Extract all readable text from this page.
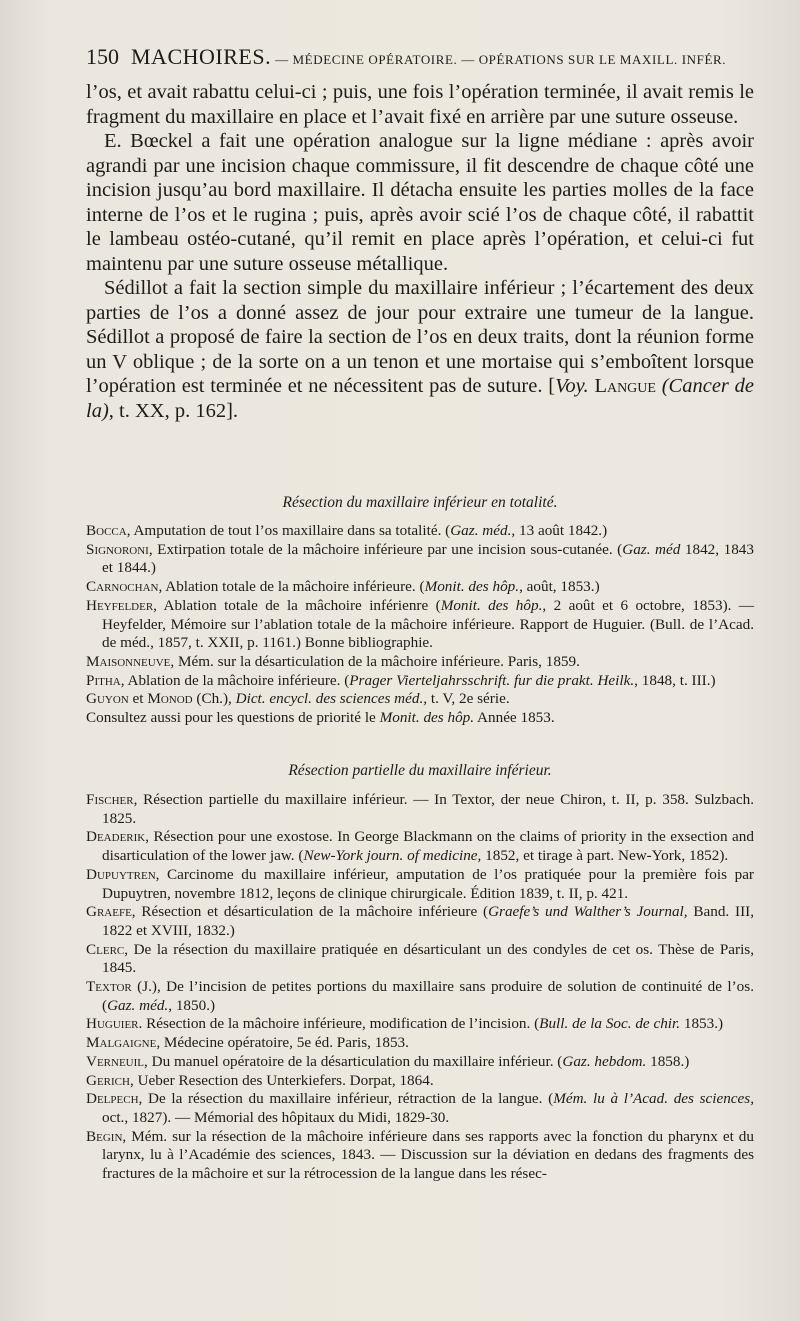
150 MACHOIRES. — MÉDECINE OPÉRATOIRE. — OPÉRATIONS SUR LE MAXILL. INFÉR.

l’os, et avait rabattu celui-ci ; puis, une fois l’opération terminée, il avait remis le fragment du maxillaire en place et l’avait fixé en arrière par une suture osseuse.

E. Bœckel a fait une opération analogue sur la ligne médiane : après avoir agrandi par une incision chaque commissure, il fit descendre de chaque côté une incision jusqu’au bord maxillaire. Il détacha ensuite les parties molles de la face interne de l’os et le rugina ; puis, après avoir scié l’os de chaque côté, il rabattit le lambeau ostéo-cutané, qu’il remit en place après l’opération, et celui-ci fut maintenu par une suture osseuse métallique.

Sédillot a fait la section simple du maxillaire inférieur ; l’écartement des deux parties de l’os a donné assez de jour pour extraire une tumeur de la langue. Sédillot a proposé de faire la section de l’os en deux traits, dont la réunion forme un V oblique ; de la sorte on a un tenon et une mortaise qui s’emboîtent lorsque l’opération est terminée et ne nécessitent pas de suture. [Voy. Langue (Cancer de la), t. XX, p. 162].

Résection du maxillaire inférieur en totalité.
Bocca, Amputation de tout l’os maxillaire dans sa totalité. (Gaz. méd., 13 août 1842.)
Signoroni, Extirpation totale de la mâchoire inférieure par une incision sous-cutanée. (Gaz. méd 1842, 1843 et 1844.)
Carnochan, Ablation totale de la mâchoire inférieure. (Monit. des hôp., août, 1853.)
Heyfelder, Ablation totale de la mâchoire inférienre (Monit. des hôp., 2 août et 6 octobre, 1853). — Heyfelder, Mémoire sur l’ablation totale de la mâchoire inférieure. Rapport de Huguier. (Bull. de l’Acad. de méd., 1857, t. XXII, p. 1161.) Bonne bibliographie.
Maisonneuve, Mém. sur la désarticulation de la mâchoire inférieure. Paris, 1859.
Pitha, Ablation de la mâchoire inférieure. (Prager Vierteljahrsschrift. fur die prakt. Heilk., 1848, t. III.)
Guyon et Monod (Ch.), Dict. encycl. des sciences méd., t. V, 2e série.
Consultez aussi pour les questions de priorité le Monit. des hôp. Année 1853.
Résection partielle du maxillaire inférieur.
Fischer, Résection partielle du maxillaire inférieur. — In Textor, der neue Chiron, t. II, p. 358. Sulzbach. 1825.
Deaderik, Résection pour une exostose. In George Blackmann on the claims of priority in the exsection and disarticulation of the lower jaw. (New-York journ. of medicine, 1852, et tirage à part. New-York, 1852).
Dupuytren, Carcinome du maxillaire inférieur, amputation de l’os pratiquée pour la première fois par Dupuytren, novembre 1812, leçons de clinique chirurgicale. Édition 1839, t. II, p. 421.
Graefe, Résection et désarticulation de la mâchoire inférieure (Graefe’s und Walther’s Journal, Band. III, 1822 et XVIII, 1832.)
Clerc, De la résection du maxillaire pratiquée en désarticulant un des condyles de cet os. Thèse de Paris, 1845.
Textor (J.), De l’incision de petites portions du maxillaire sans produire de solution de continuité de l’os. (Gaz. méd., 1850.)
Huguier. Résection de la mâchoire inférieure, modification de l’incision. (Bull. de la Soc. de chir. 1853.)
Malgaigne, Médecine opératoire, 5e éd. Paris, 1853.
Verneuil, Du manuel opératoire de la désarticulation du maxillaire inférieur. (Gaz. hebdom. 1858.)
Gerich, Ueber Resection des Unterkiefers. Dorpat, 1864.
Delpech, De la résection du maxillaire inférieur, rétraction de la langue. (Mém. lu à l’Acad. des sciences, oct., 1827). — Mémorial des hôpitaux du Midi, 1829-30.
Begin, Mém. sur la résection de la mâchoire inférieure dans ses rapports avec la fonction du pharynx et du larynx, lu à l’Académie des sciences, 1843. — Discussion sur la déviation en dedans des fragments des fractures de la mâchoire et sur la rétrocession de la langue dans les résec-
